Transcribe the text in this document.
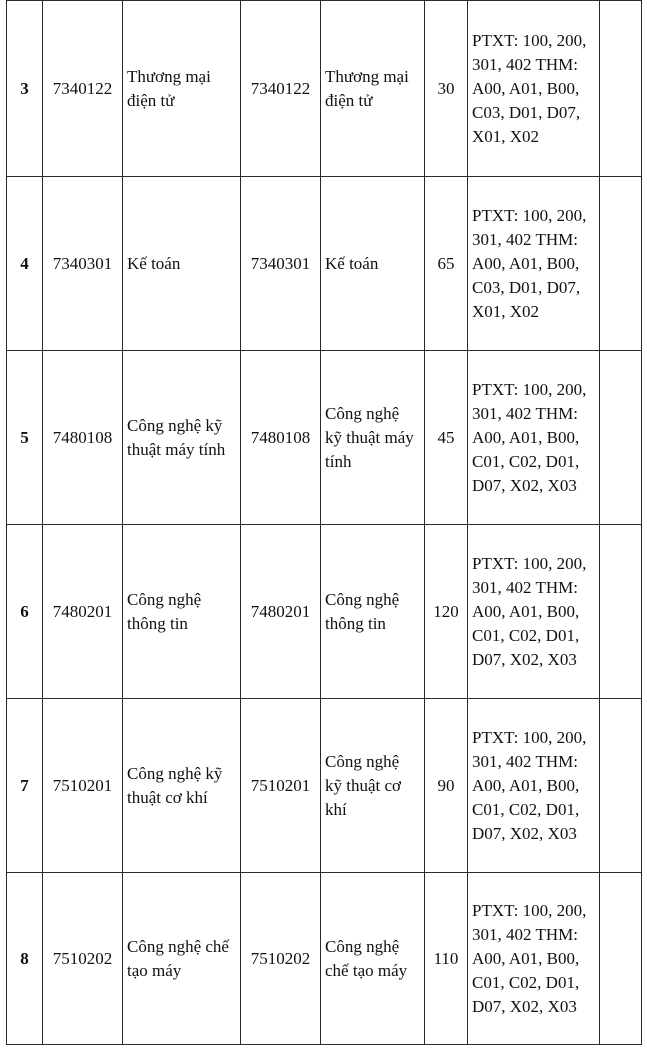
3	7340122	Thương mại điện tử	7340122	Thương mại điện tử	30	PTXT: 100, 200, 301, 402 THM: A00, A01, B00, C03, D01, D07, X01, X02	
4	7340301	Kế toán	7340301	Kế toán	65	PTXT: 100, 200, 301, 402 THM: A00, A01, B00, C03, D01, D07, X01, X02	
5	7480108	Công nghệ kỹ thuật máy tính	7480108	Công nghệ kỹ thuật máy tính	45	PTXT: 100, 200, 301, 402 THM: A00, A01, B00, C01, C02, D01, D07, X02, X03	
6	7480201	Công nghệ thông tin	7480201	Công nghệ thông tin	120	PTXT: 100, 200, 301, 402 THM: A00, A01, B00, C01, C02, D01, D07, X02, X03	
7	7510201	Công nghệ kỹ thuật cơ khí	7510201	Công nghệ kỹ thuật cơ khí	90	PTXT: 100, 200, 301, 402 THM: A00, A01, B00, C01, C02, D01, D07, X02, X03	
8	7510202	Công nghệ chế tạo máy	7510202	Công nghệ chế tạo máy	110	PTXT: 100, 200, 301, 402 THM: A00, A01, B00, C01, C02, D01, D07, X02, X03	
